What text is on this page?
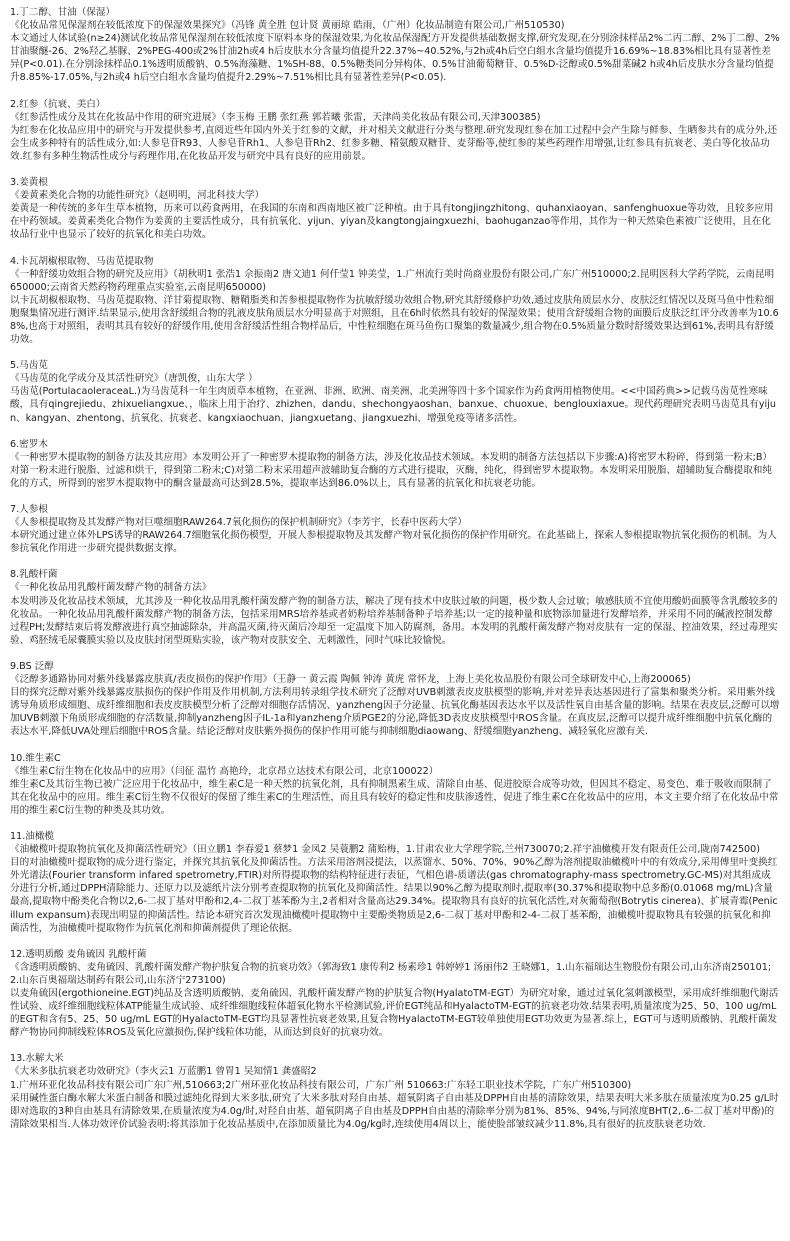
1.丁二醇、甘油（保湿）

《化妆品常见保湿剂在较低浓度下的保湿效果探究》（冯锋 黄全胜 包计贤 黄丽琼 皓雨，（广州）化妆品制造有限公司,广州510530)

本文通过人体试验(n≥24)测试化妆品常见保湿剂在较低浓度下原料本身的保湿效果,为化妆品保湿配方开发提供基础数据支撑,研究发现,在分别涂抹样品2%二丙二醇、2%丁二醇、2%甘油聚醚-26、2%羟乙基脲、2%PEG-400或2%甘油2h或4 h后皮肤水分含量均值提升22.37%~40.52%,与2h或4h后空白组水含量均值提升16.69%~18.83%相比具有显著性差异(P<0.01).在分别涂抹样品0.1%透明质酸钠、0.5%海藻糖、1%SH-88、0.5%糖类同分异构体、0.5%甘油葡萄糖苷、0.5%D-泛醇或0.5%甜菜碱2 h或4h后皮肤水分含量均值提升8.85%-17.05%,与2h或4 h后空白组水含量均值提升2.29%~7.51%相比具有显著性差异(P<0.05).

2.红参（抗衰、美白）

《红参活性成分及其在化妆品中作用的研究进展》（李玉梅 王鹏 张红燕 郭若曦 张雷，天津尚美化妆品有限公司,天津300385)

为红参在化妆品应用中的研究与开发提供参考,直阅近些年国内外关于红参的文献，并对相关文献进行分类与整理.研究发现红参在加工过程中会产生除与鲜参、生晒参共有的成分外,还会生成多种特有的活性成分,如:人参皂苷R93、人参皂苷Rh1、人参皂苷Rh2、红参多糖、精氨酸双糖苷、麦芽酚等,使红参的某些药理作用增强,让红参具有抗衰老、美白等化妆品功效.红参有多种生物活性成分与药理作用,在化妆品开发与研究中具有良好的应用前景。

3.姜黄根

《姜黄素类化合物的功能性研究》（赵明明，河北科技大学）

姜黄是一种传统的多年生草本植物，历来可以药食两用，在我国的东南和西南地区被广泛种植。由于具有tongjingzhitong、quhanxiaoyan、sanfenghuoxue等功效，且较多应用在中药领域。姜黄素类化合物作为姜黄的主要活性成分，具有抗氧化、yijun、yiyan及kangtongjaingxuezhi、baohuganzao等作用，其作为一种天然染色素被广泛使用，且在化妆品行业中也显示了较好的抗氧化和美白功效。

4.卡瓦胡椒根取物、马齿苋提取物

《一种舒缓功效组合物的研究及应用》（胡秋明1 张浩1 佘振南2 唐文迪1 何仟莹1 钟美莹，1.广州流行美时尚商业股份有限公司,广东广州510000;2.昆明医科大学药学院，云南昆明650000;云南省天然药物药理重点实验室,云南昆明650000)

以卡瓦胡椒根取物、马齿苋提取物、洋甘菊提取物、糖鞘脂类和苦参根提取物作为抗敏舒缓功效组合物,研究其舒缓修护功效,通过皮肤角质层水分、皮肤泛红情况以及斑马鱼中性粒细胞聚集情况进行测评.结果显示,使用含舒缓组合物的乳液皮肤角质层水分明显高于对照组，且在6h时依然具有较好的保湿效果；使用含舒缓组合物的面膜后皮肤泛红评分改善率为10.68%,也高于对照组，表明其具有较好的舒缓作用,使用含舒缓活性组合物样品后，中性粒细胞在斑马鱼伤口聚集的数量减少,组合物在0.5%质量分数时舒缓效果达到61%,表明具有舒缓功效。

5.马齿苋

《马齿苋的化学成分及其活性研究》（唐凯俊，山东大学 ）

马齿苋(PortulacaoleraceaL.)为马齿苋科一年生肉质草本植物，在亚洲、非洲、欧洲、南美洲、北美洲等四十多个国家作为药食两用植物使用。<<中国药典>>记载马齿苋性寒味酸，具有qingrejiedu、zhixueliangxue、，临床上用于治疗、zhizhen、dandu、shechongyaoshan、banxue、chuoxue、benglouxiaxue。现代药理研究表明马齿苋具有yijun、kangyan、zhentong、抗氧化、抗衰老、kangxiaochuan、jiangxuetang、jiangxuezhi、增强免疫等诸多活性。

6.密罗木

《一种密罗木提取物的制备方法及其应用》本发明公开了一种密罗木提取物的制备方法，涉及化妆品技术领域。本发明的制备方法包括以下步骤:A)将密罗木粉碎，得到第一粉末;B）对第一粉末进行脱脂、过滤和烘干，得到第二粉末;C)对第二粉末采用超声波辅助复合酶的方式进行提取，灭酶，纯化，得到密罗木提取物。本发明采用脱脂、超辅助复合酶提取和纯化的方式，所得到的密罗木提取物中的酮含量最高可达到28.5%，提取率达到86.0%以上，具有显著的抗氧化和抗衰老功能。

7.人参根

《人参根提取物及其发酵产物对巨噬细胞RAW264.7氧化损伤的保护机制研究》（李芳宇，长春中医药大学）

本研究通过建立体外LPS诱导的RAW264.7细胞氧化损伤模型，开展人参根提取物及其发酵产物对氧化损伤的保护作用研究。在此基础上，探索人参根提取物抗氧化损伤的机制。为人参抗氧化作用进一步研究提供数据支撑。

8.乳酸杆菌

《一种化妆品用乳酸杆菌发酵产物的制备方法》

本发明涉及化妆品技术领域，尤其涉及一种化妆品用乳酸杆菌发酵产物的制备方法，解决了现有技术中皮肤过敏的问题，极少数人会过敏；敏感肤质不宜使用酸奶面膜等含乳酸较多的化妆品。一种化妆品用乳酸杆菌发酵产物的制备方法，包括采用MRS培养基或者奶粉培养基制备种子培养基;以一定的接种量和底物添加量进行发酵培养，并采用不同的碱液控制发酵过程PH;发酵结束后将发酵液进行真空抽滤除杂，并高温灭菌,待灭菌后冷却至一定温度下加入防腐剂，备用。本发明的乳酸杆菌发酵产物对皮肤有一定的保湿、控油效果，经过毒理实验、鸡胚绒毛尿囊膜实验以及皮肤封闭型斑贴实验，该产物对皮肤安全、无刺激性，同时气味比较愉悦。

9.BS 泛醇

《泛醇多通路协同对紫外线暴露皮肤真/表皮损伤的保护作用》（王静一 黄云霞 陶佩 钟涛 黄虎 常怀龙，上海上美化妆品股份有限公司全球研发中心,上海200065)

目的探究泛醇对紫外线暴露皮肤损伤的保护作用及作用机制,方法利用转录组学技术研究了泛醇对UVB刺激表皮皮肤模型的影响,并对差异表达基因进行了富集和聚类分析。采用紫外线诱导角质形成细胞、成纤维细胞和表皮皮肤模型分析了泛醇对细胞存活情况、yanzheng因子分泌量、抗氧化酶基因表达水平以及活性氧自由基含量的影响。结果在表皮层,泛醇可以增加UVB刺激下角质形成细胞的存活数量,抑制yanzheng因子IL-1a和yanzheng介质PGE2的分泌,降低3D表皮皮肤模型中ROS含量。在真皮层,泛醇可以提升成纤维细胞中抗氧化酶的表达水平,降低UVA处理后细胞中ROS含量。结论泛醇对皮肤紫外损伤的保护作用可能与抑制细胞diaowang、舒缓细胞yanzheng、减轻氧化应激有关.

10.维生素C

《维生素C衍生物在化妆品中的应用》（闫征 温竹 高艳玲，北京昂立达技术有限公司，北京100022）

维生素C及其衍生物已被广泛应用于化妆品中，维生素C是一种天然的抗氧化剂，具有抑制黑素生成、清除自由基、促进胶原合成等功效，但因其不稳定、易变色、难于吸收而限制了其在化妆品中的应用。维生素C衍生物不仅很好的保留了维生素C的生理活性，而且具有较好的稳定性和皮肤渗透性，促进了维生素C在化妆品中的应用，本文主要介绍了在化妆品中常用的维生素C衍生物的种类及其功效。

11.油橄榄

《油橄榄叶提取物抗氧化及抑菌活性研究》（田立鹏1 李春爱1 蔡梦1 金凤2 吴蓑鹏2 蒲贻梅，1.甘肃农业大学理学院,兰州730070;2.祥宇油橄榄开发有限责任公司,陇南742500)

目的对油橄榄叶提取物的成分进行鉴定，并探究其抗氧化及抑菌活性。方法采用溶剂浸提法，以蒸馏水、50%、70%、90%乙醇为溶剂提取油橄榄叶中的有效成分,采用傅里叶变换红外光谱法(Fourier transform infared spetrometry,FTIR)对所得提取物的结构特征进行表征，气相色谱-质谱法(gas chromatography-mass spectrometry.GC-MS)对其组成成分进行分析,通过DPPH清除能力、还原力以及滤纸片法分别考查提取物的抗氧化及抑菌活性。结果以90%乙醇为提取剂时,提取率(30.37%和提取物中总多酚(0.01068 mg/mL)含量最高,提取物中酚类化合物以2,6-二叔丁基对甲酚和2,4-二叔丁基苯酚为主,2者相对含量高达29.34%。提取物具有良好的抗氧化活性,对灰葡萄孢(Botrytis cinerea)、扩展青霉(Penicillum expansum)表现出明显的抑菌活性。结论本研究首次发现油橄榄叶提取物中主要酚类物质是2,6-二叔丁基对甲酚和2-4-二叔丁基苯酚，油橄榄叶提取物具有较强的抗氧化和抑菌活性，为油橄榄叶提取物作为抗氧化剂和抑菌剂提供了理论依据。

12.透明质酸 麦角硫因 乳酸杆菌

《含透明质酸钠、麦角硫因、乳酸杆菌发酵产物护肤复合物的抗衰功效》（郭海致1 康传利2 杨素珍1 韩婷婷1 汤丽伟2 王晓娜1，1.山东福瑞达生物股份有限公司,山东济南250101;2.山东百奥福瑞达制药有限公司,山东济宁273100)

以麦角硫因(ergothioneine.EGT)纯品及含透明质酸钠、麦角硫因、乳酸杆菌发酵产物的护肤复合物(HyalatoTM-EGT）为研究对象，通过过氧化氢刺激模型，采用成纤维细胞代谢活性试验、成纤维细胞线粒体ATP能量生成试验、成纤维细胞线粒体超氧化物水平检测试验,评价EGT纯品和HyalactoTM-EGT的抗衰老功效.结果表明,质量浓度为25、50、100 ug/mL的EGT和含有5、25、50 ug/mL EGT的HyalactoTM-EGT均具显著性抗衰老效果,且复合物HyalactoTM-EGT较单独使用EGT功效更为显著.综上，EGT可与透明质酸钠、乳酸杆菌发酵产物协同抑制线粒体ROS及氧化应激损伤,保护线粒体功能，从而达到良好的抗衰功效。

13.水解大米

《大米多肽抗衰老功效研究》（李火云1 万蓝鹏1 曾胃1 吴知情1 龚盛昭2

1.广州环亚化妆品科技有限公司广东广州,510663;2广州环亚化妆品科技有限公司，广东广州 510663:广东轻工职业技术学院，广东广州510300)
采用碱性蛋白酶水解大米蛋白制备和膜过滤纯化得到大米多肽,研究了大米多肽对羟自由基、超氧阴离子自由基及DPPH自由基的清除效果，结果表明大米多肽在质量浓度为0.25 g/L时即对选取的3种自由基具有清除效果,在质量浓度为4.0g/时,对羟自由基、超氧阴离子自由基及DPPH自由基的清除率分别为81%、85%、94%,与同浓度BHT(2,.6-二叔丁基对甲酚)的清除效果相当.人体功效评价试验表明:将其添加于化妆品基质中,在添加质量比为4.0g/kg时,连续使用4周以上，能使脸部皱纹减少11.8%,具有很好的抗皮肤衰老功效.
